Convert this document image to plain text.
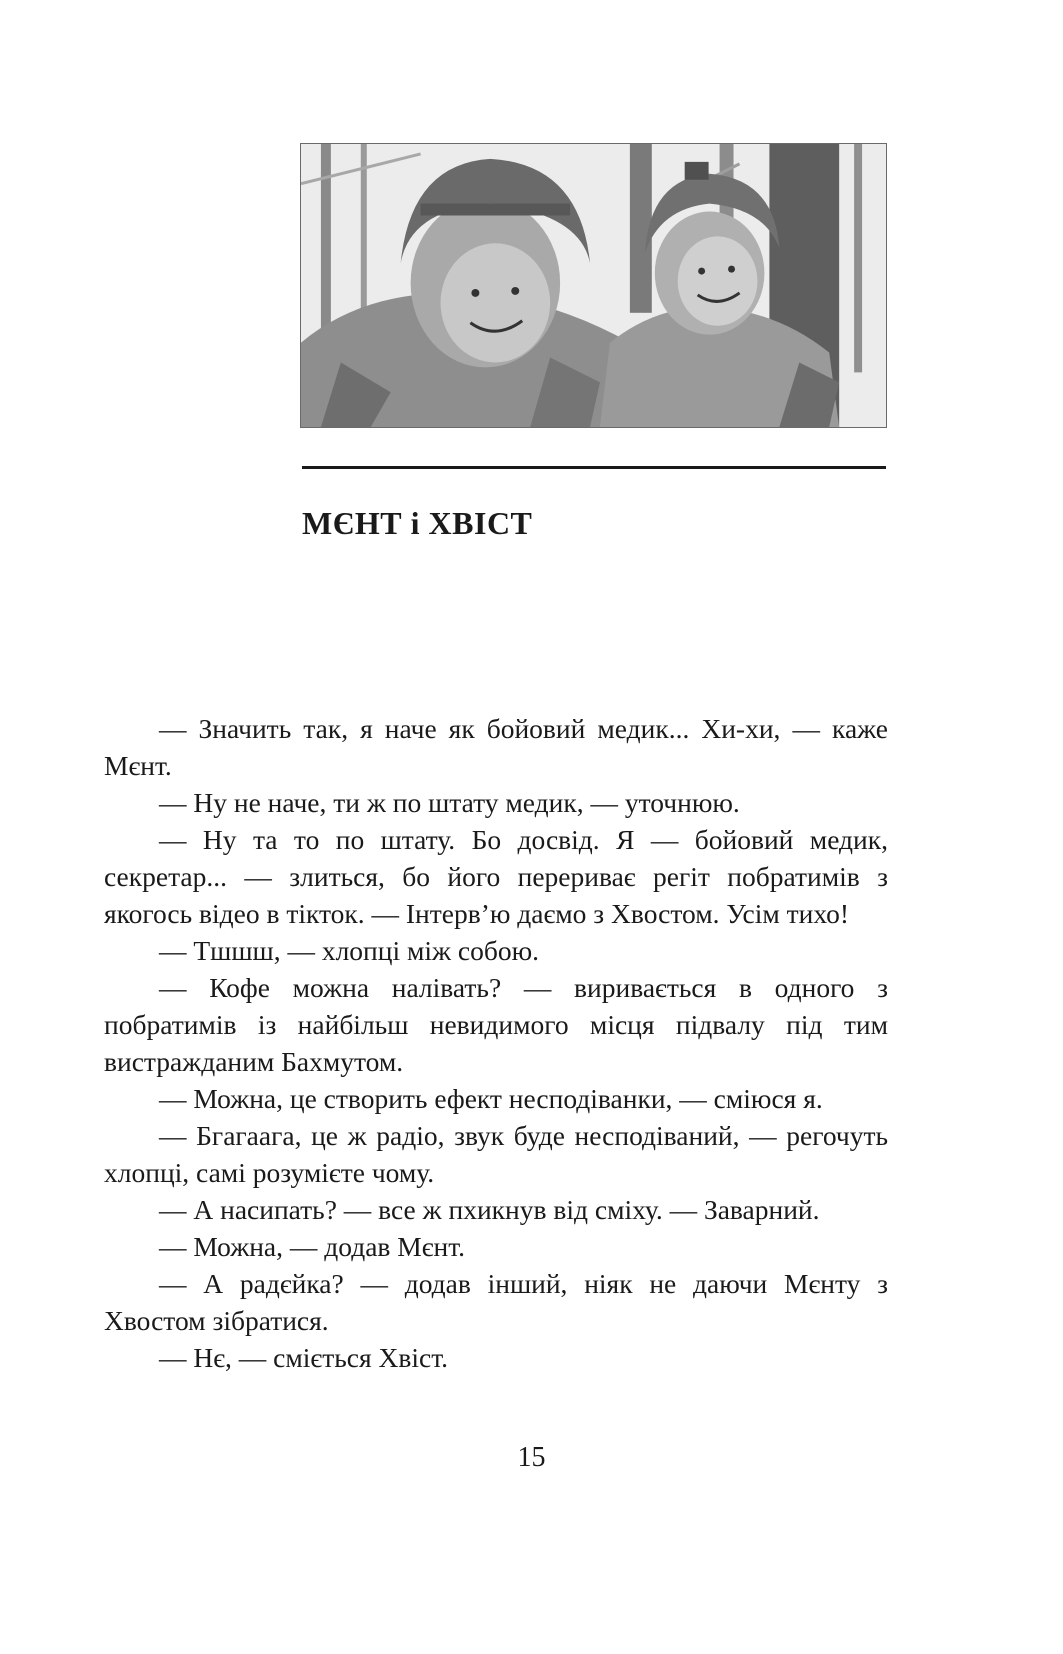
МЄНТ і ХВІСТ

— Значить так, я наче як бойовий медик... Хи-хи, — каже Мєнт.

— Ну не наче, ти ж по штату медик, — уточнюю.

— Ну та то по штату. Бо досвід. Я — бойовий медик, секретар... — злиться, бо його перериває регіт побратимів з якогось відео в тікток. — Інтерв’ю даємо з Хвостом. Усім тихо!

— Тшшш, — хлопці між собою.

— Кофе можна налівать? — виривається в одного з побратимів із найбільш невидимого місця підвалу під тим вистражданим Бахмутом.

— Можна, це створить ефект несподіванки, — сміюся я.

— Бгагаага, це ж радіо, звук буде несподіваний, — регочуть хлопці, самі розумієте чому.

— А насипать? — все ж пхикнув від сміху. — Заварний.

— Можна, — додав Мєнт.

— А радєйка? — додав інший, ніяк не даючи Мєнту з Хвостом зібратися.

— Нє, — сміється Хвіст.

15
